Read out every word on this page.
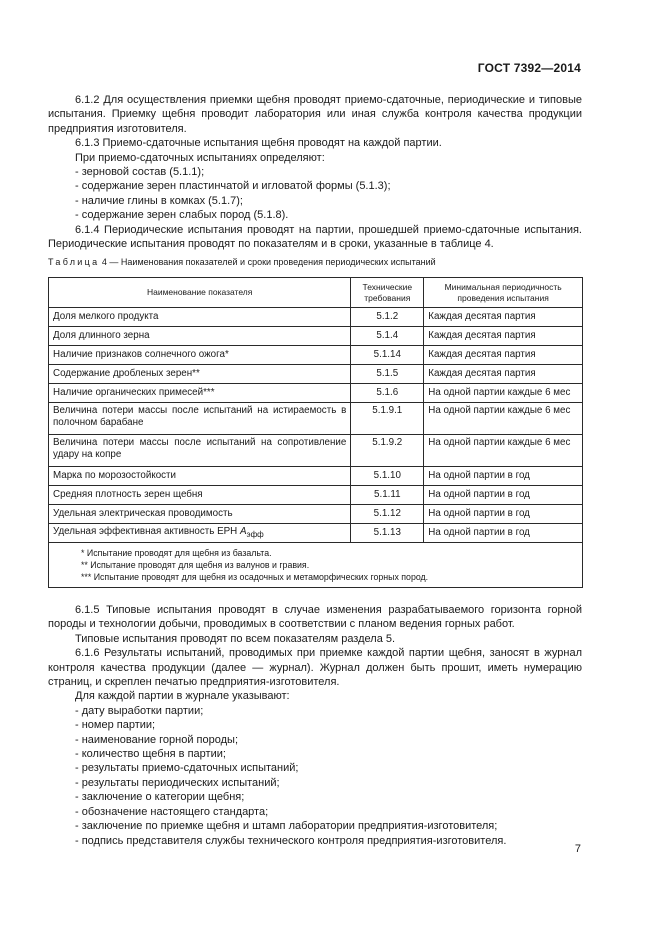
ГОСТ 7392—2014

6.1.2 Для осуществления приемки щебня проводят приемо-сдаточные, периодические и типовые испытания. Приемку щебня проводит лаборатория или иная служба контроля качества продукции предприятия изготовителя.

6.1.3 Приемо-сдаточные испытания щебня проводят на каждой партии.

При приемо-сдаточных испытаниях определяют:

- зерновой состав (5.1.1);

- содержание зерен пластинчатой и игловатой формы (5.1.3);

- наличие глины в комках (5.1.7);

- содержание зерен слабых пород (5.1.8).

6.1.4 Периодические испытания проводят на партии, прошедшей приемо-сдаточные испытания. Периодические испытания проводят по показателям и в сроки, указанные в таблице 4.

Таблица 4 — Наименования показателей и сроки проведения периодических испытаний
Наименование показателя	Технические требования	Минимальная периодичность проведения испытания
Доля мелкого продукта	5.1.2	Каждая десятая партия
Доля длинного зерна	5.1.4	Каждая десятая партия
Наличие признаков солнечного ожога*	5.1.14	Каждая десятая партия
Содержание дробленых зерен**	5.1.5	Каждая десятая партия
Наличие органических примесей***	5.1.6	На одной партии каждые 6 мес
Величина потери массы после испытаний на истираемость в полочном барабане	5.1.9.1	На одной партии каждые 6 мес
Величина потери массы после испытаний на сопротивление удару на копре	5.1.9.2	На одной партии каждые 6 мес
Марка по морозостойкости	5.1.10	На одной партии в год
Средняя плотность зерен щебня	5.1.11	На одной партии в год
Удельная электрическая проводимость	5.1.12	На одной партии в год
Удельная эффективная активность ЕРН $A_{эфф}$	5.1.13	На одной партии в год

* Испытание проводят для щебня из базальта.
** Испытание проводят для щебня из валунов и гравия.
*** Испытание проводят для щебня из осадочных и метаморфических горных пород.		

6.1.5 Типовые испытания проводят в случае изменения разрабатываемого горизонта горной породы и технологии добычи, проводимых в соответствии с планом ведения горных работ.

Типовые испытания проводят по всем показателям раздела 5.

6.1.6 Результаты испытаний, проводимых при приемке каждой партии щебня, заносят в журнал контроля качества продукции (далее — журнал). Журнал должен быть прошит, иметь нумерацию страниц, и скреплен печатью предприятия-изготовителя.

Для каждой партии в журнале указывают:

- дату выработки партии;

- номер партии;

- наименование горной породы;

- количество щебня в партии;

- результаты приемо-сдаточных испытаний;

- результаты периодических испытаний;

- заключение о категории щебня;

- обозначение настоящего стандарта;

- заключение по приемке щебня и штамп лаборатории предприятия-изготовителя;

- подпись представителя службы технического контроля предприятия-изготовителя.

7
